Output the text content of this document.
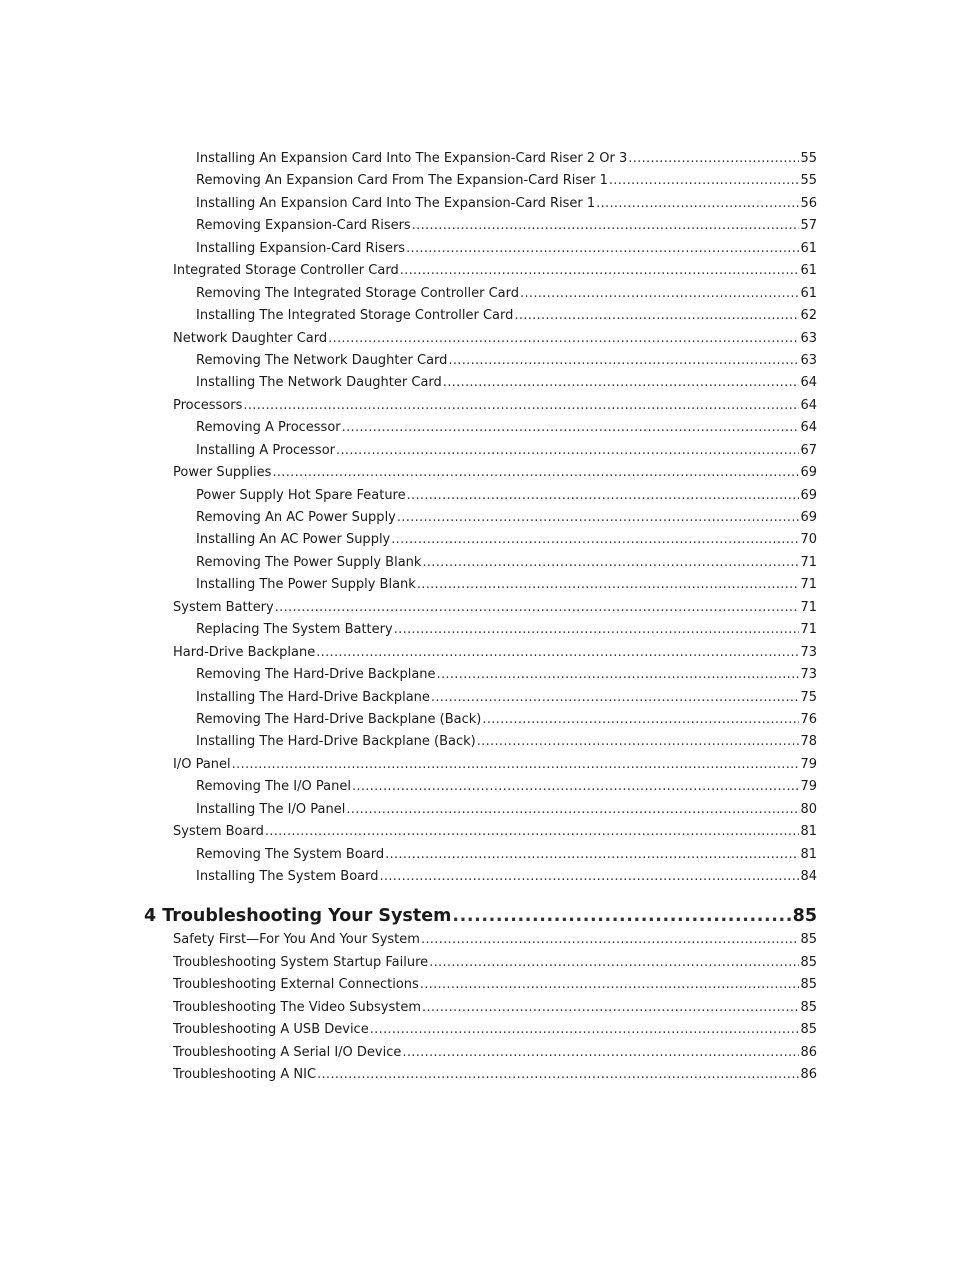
Installing An Expansion Card Into The Expansion-Card Riser 2 Or 3 .....	55
Removing An Expansion Card From The Expansion-Card Riser 1 .....	55
Installing An Expansion Card Into The Expansion-Card Riser 1 .....	56
Removing Expansion-Card Risers .....	57
Installing Expansion-Card Risers .....	61
Integrated Storage Controller Card .....	61
Removing The Integrated Storage Controller Card .....	61
Installing The Integrated Storage Controller Card .....	62
Network Daughter Card .....	63
Removing The Network Daughter Card .....	63
Installing The Network Daughter Card .....	64
Processors .....	64
Removing A Processor .....	64
Installing A Processor .....	67
Power Supplies .....	69
Power Supply Hot Spare Feature .....	69
Removing An AC Power Supply .....	69
Installing An AC Power Supply .....	70
Removing The Power Supply Blank .....	71
Installing The Power Supply Blank .....	71
System Battery .....	71
Replacing The System Battery .....	71
Hard-Drive Backplane .....	73
Removing The Hard-Drive Backplane .....	73
Installing The Hard-Drive Backplane .....	75
Removing The Hard-Drive Backplane (Back) .....	76
Installing The Hard-Drive Backplane (Back) .....	78
I/O Panel .....	79
Removing The I/O Panel .....	79
Installing The I/O Panel .....	80
System Board .....	81
Removing The System Board .....	81
Installing The System Board .....	84
4 Troubleshooting Your System .....	85
Safety First—For You And Your System .....	85
Troubleshooting System Startup Failure .....	85
Troubleshooting External Connections .....	85
Troubleshooting The Video Subsystem .....	85
Troubleshooting A USB Device .....	85
Troubleshooting A Serial I/O Device .....	86
Troubleshooting A NIC .....	86
